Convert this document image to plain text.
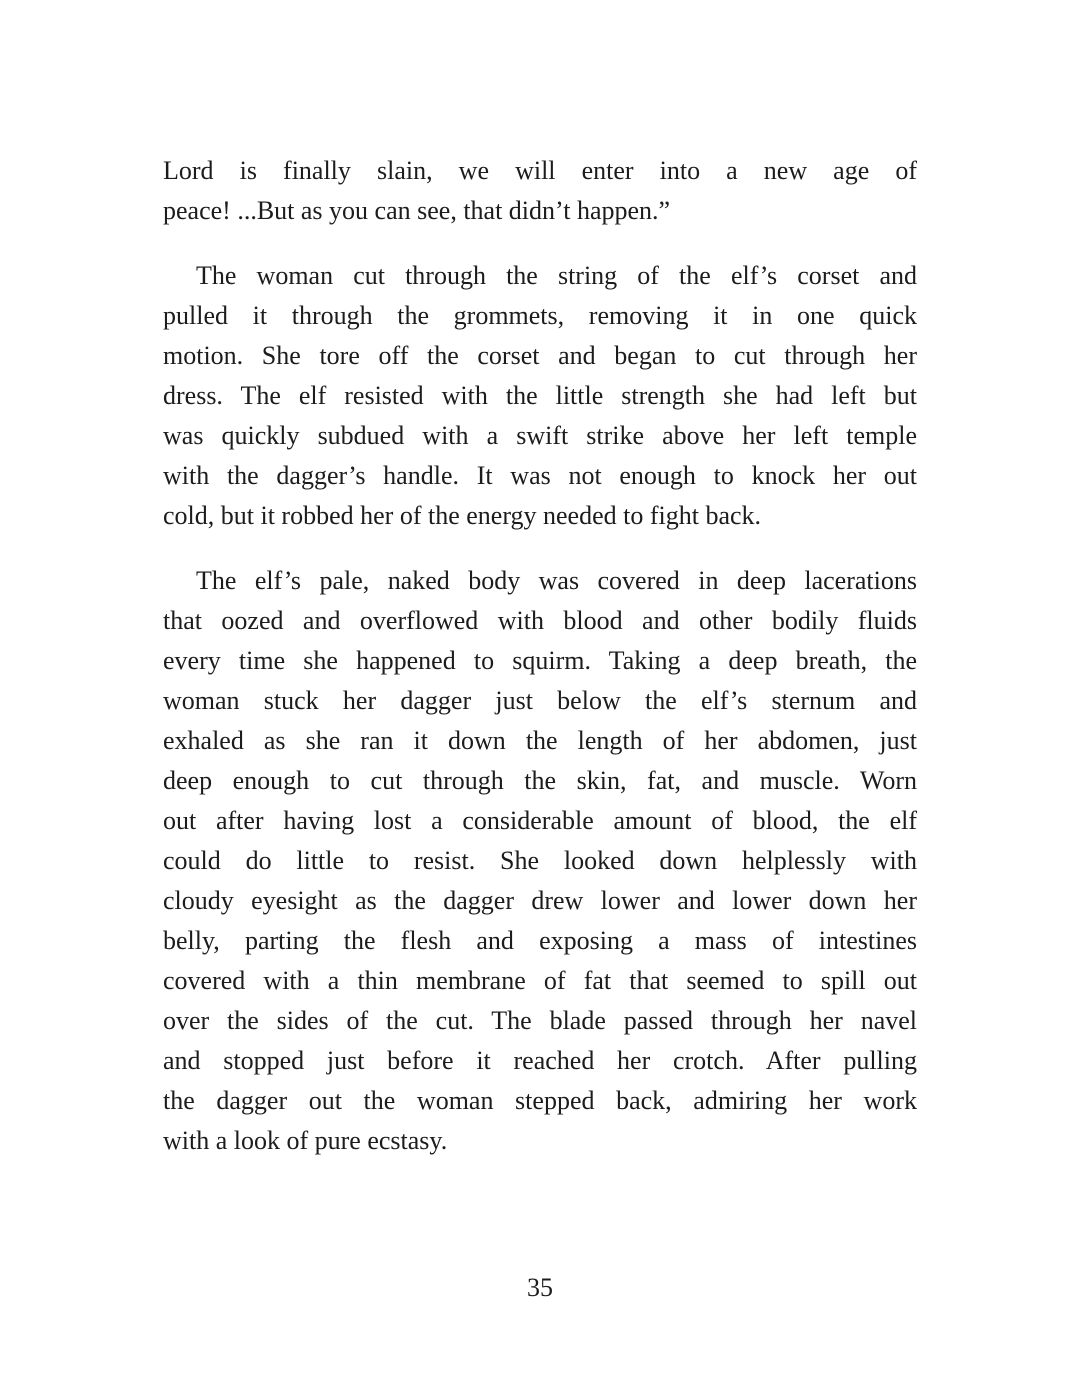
Lord is finally slain, we will enter into a new age of
peace! ...But as you can see, that didn’t happen.”
The woman cut through the string of the elf’s corset and
pulled it through the grommets, removing it in one quick
motion. She tore off the corset and began to cut through her
dress. The elf resisted with the little strength she had left but
was quickly subdued with a swift strike above her left temple
with the dagger’s handle. It was not enough to knock her out
cold, but it robbed her of the energy needed to fight back.
The elf’s pale, naked body was covered in deep lacerations
that oozed and overflowed with blood and other bodily fluids
every time she happened to squirm. Taking a deep breath, the
woman stuck her dagger just below the elf’s sternum and
exhaled as she ran it down the length of her abdomen, just
deep enough to cut through the skin, fat, and muscle. Worn
out after having lost a considerable amount of blood, the elf
could do little to resist. She looked down helplessly with
cloudy eyesight as the dagger drew lower and lower down her
belly, parting the flesh and exposing a mass of intestines
covered with a thin membrane of fat that seemed to spill out
over the sides of the cut. The blade passed through her navel
and stopped just before it reached her crotch. After pulling
the dagger out the woman stepped back, admiring her work
with a look of pure ecstasy.
35
